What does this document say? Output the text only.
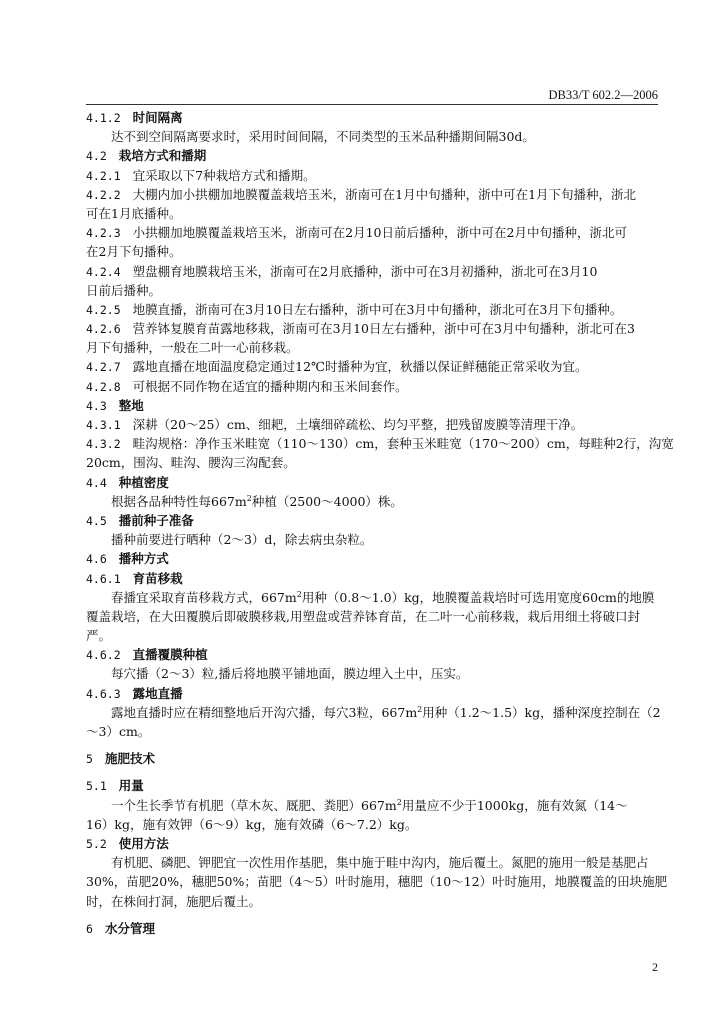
DB33/T 602.2—2006
4.1.2 时间隔离
达不到空间隔离要求时，采用时间间隔，不同类型的玉米品种播期间隔30d。
4.2 栽培方式和播期
4.2.1 宜采取以下7种栽培方式和播期。
4.2.2 大棚内加小拱棚加地膜覆盖栽培玉米，浙南可在1月中旬播种，浙中可在1月下旬播种，浙北
可在1月底播种。
4.2.3 小拱棚加地膜覆盖栽培玉米，浙南可在2月10日前后播种，浙中可在2月中旬播种，浙北可
在2月下旬播种。
4.2.4 塑盘棚育地膜栽培玉米，浙南可在2月底播种，浙中可在3月初播种，浙北可在3月10
日前后播种。
4.2.5 地膜直播，浙南可在3月10日左右播种，浙中可在3月中旬播种，浙北可在3月下旬播种。
4.2.6 营养钵复膜育苗露地移栽，浙南可在3月10日左右播种，浙中可在3月中旬播种，浙北可在3
月下旬播种，一般在二叶一心前移栽。
4.2.7 露地直播在地面温度稳定通过12℃时播种为宜，秋播以保证鲜穗能正常采收为宜。
4.2.8 可根据不同作物在适宜的播种期内和玉米间套作。
4.3 整地
4.3.1 深耕（20～25）cm、细耙，土壤细碎疏松、均匀平整，把残留废膜等清理干净。
4.3.2 畦沟规格：净作玉米畦宽（110～130）cm，套种玉米畦宽（170～200）cm，每畦种2行，沟宽
20cm，围沟、畦沟、腰沟三沟配套。
4.4 种植密度
根据各品种特性每$667m^2$种植（2500～4000）株。
4.5 播前种子准备
播种前要进行晒种（2～3）d，除去病虫杂粒。
4.6 播种方式
4.6.1 育苗移栽
春播宜采取育苗移栽方式，$667m^2$用种（0.8～1.0）kg，地膜覆盖栽培时可选用宽度60cm的地膜
覆盖栽培，在大田覆膜后即破膜移栽,用塑盘或营养钵育苗，在二叶一心前移栽，栽后用细土将破口封
严。
4.6.2 直播覆膜种植
每穴播（2～3）粒,播后将地膜平铺地面，膜边埋入土中，压实。
4.6.3 露地直播
露地直播时应在精细整地后开沟穴播，每穴3粒，$667m^2$用种（1.2～1.5）kg，播种深度控制在（2
～3）cm。
5 施肥技术
5.1 用量
一个生长季节有机肥（草木灰、厩肥、粪肥）$667m^2$用量应不少于1000kg，施有效氮（14～
16）kg，施有效钾（6～9）kg，施有效磷（6～7.2）kg。
5.2 使用方法
有机肥、磷肥、钾肥宜一次性用作基肥，集中施于畦中沟内，施后覆土。氮肥的施用一般是基肥占
30%，苗肥20%，穗肥50%；苗肥（4～5）叶时施用，穗肥（10～12）叶时施用，地膜覆盖的田块施肥
时，在株间打洞，施肥后覆土。
6 水分管理
2
